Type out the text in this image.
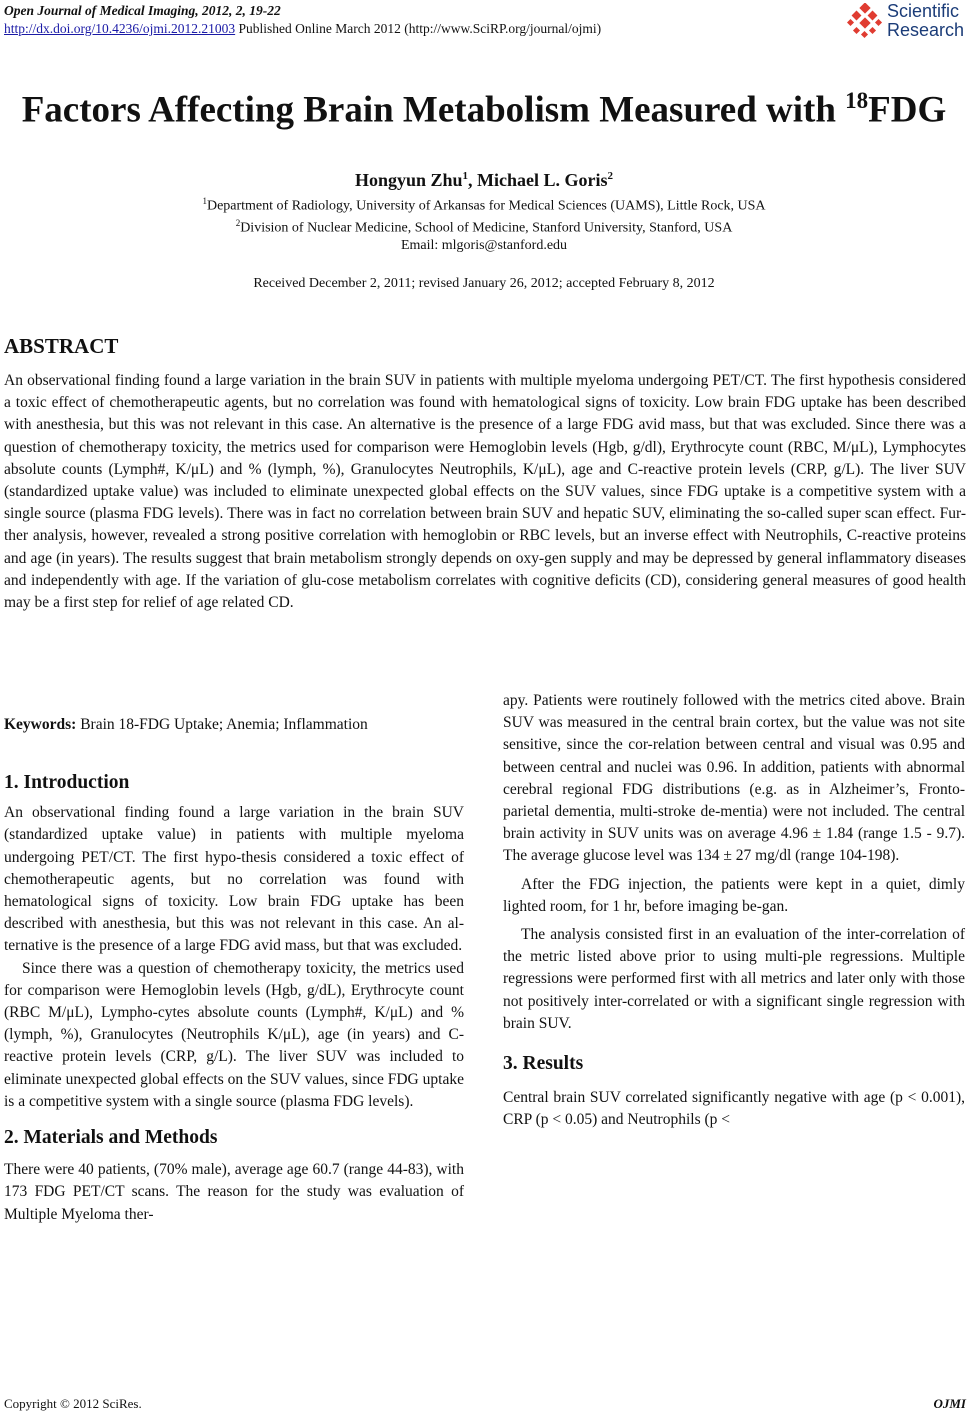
Open Journal of Medical Imaging, 2012, 2, 19-22
http://dx.doi.org/10.4236/ojmi.2012.21003 Published Online March 2012 (http://www.SciRP.org/journal/ojmi)
Scientific
Research
Factors Affecting Brain Metabolism Measured with $^{18}$FDG
Hongyun Zhu$^1$, Michael L. Goris$^2$
$^1$Department of Radiology, University of Arkansas for Medical Sciences (UAMS), Little Rock, USA
$^2$Division of Nuclear Medicine, School of Medicine, Stanford University, Stanford, USA
Email: mlgoris@stanford.edu
Received December 2, 2011; revised January 26, 2012; accepted February 8, 2012
ABSTRACT

An observational finding found a large variation in the brain SUV in patients with multiple myeloma undergoing PET/CT. The first hypothesis considered a toxic effect of chemotherapeutic agents, but no correlation was found with hematological signs of toxicity. Low brain FDG uptake has been described with anesthesia, but this was not relevant in this case. An alternative is the presence of a large FDG avid mass, but that was excluded. Since there was a question of chemotherapy toxicity, the metrics used for comparison were Hemoglobin levels (Hgb, g/dl), Erythrocyte count (RBC, M/μL), Lymphocytes absolute counts (Lymph#, K/μL) and % (lymph, %), Granulocytes Neutrophils, K/μL), age and C-reactive protein levels (CRP, g/L). The liver SUV (standardized uptake value) was included to eliminate unexpected global effects on the SUV values, since FDG uptake is a competitive system with a single source (plasma FDG levels). There was in fact no correlation between brain SUV and hepatic SUV, eliminating the so-called super scan effect. Fur-ther analysis, however, revealed a strong positive correlation with hemoglobin or RBC levels, but an inverse effect with Neutrophils, C-reactive proteins and age (in years). The results suggest that brain metabolism strongly depends on oxy-gen supply and may be depressed by general inflammatory diseases and independently with age. If the variation of glu-cose metabolism correlates with cognitive deficits (CD), considering general measures of good health may be a first step for relief of age related CD.

Keywords: Brain 18-FDG Uptake; Anemia; Inflammation
1. Introduction

An observational finding found a large variation in the brain SUV (standardized uptake value) in patients with multiple myeloma undergoing PET/CT. The first hypo-thesis considered a toxic effect of chemotherapeutic agents, but no correlation was found with hematological signs of toxicity. Low brain FDG uptake has been described with anesthesia, but this was not relevant in this case. An al-ternative is the presence of a large FDG avid mass, but that was excluded.

Since there was a question of chemotherapy toxicity, the metrics used for comparison were Hemoglobin levels (Hgb, g/dL), Erythrocyte count (RBC M/μL), Lympho-cytes absolute counts (Lymph#, K/μL) and % (lymph, %), Granulocytes (Neutrophils K/μL), age (in years) and C-reactive protein levels (CRP, g/L). The liver SUV was included to eliminate unexpected global effects on the SUV values, since FDG uptake is a competitive system with a single source (plasma FDG levels).

2. Materials and Methods

There were 40 patients, (70% male), average age 60.7 (range 44-83), with 173 FDG PET/CT scans. The reason for the study was evaluation of Multiple Myeloma ther-

apy. Patients were routinely followed with the metrics cited above. Brain SUV was measured in the central brain cortex, but the value was not site sensitive, since the cor-relation between central and visual was 0.95 and between central and nuclei was 0.96. In addition, patients with abnormal cerebral regional FDG distributions (e.g. as in Alzheimer’s, Fronto-parietal dementia, multi-stroke de-mentia) were not included. The central brain activity in SUV units was on average 4.96 ± 1.84 (range 1.5 - 9.7). The average glucose level was 134 ± 27 mg/dl (range 104-198).

After the FDG injection, the patients were kept in a quiet, dimly lighted room, for 1 hr, before imaging be-gan.

The analysis consisted first in an evaluation of the inter-correlation of the metric listed above prior to using multi-ple regressions. Multiple regressions were performed first with all metrics and later only with those not positively inter-correlated or with a significant single regression with brain SUV.

3. Results

Central brain SUV correlated significantly negative with age (p < 0.001), CRP (p < 0.05) and Neutrophils (p <

Copyright © 2012 SciRes.	OJMI
